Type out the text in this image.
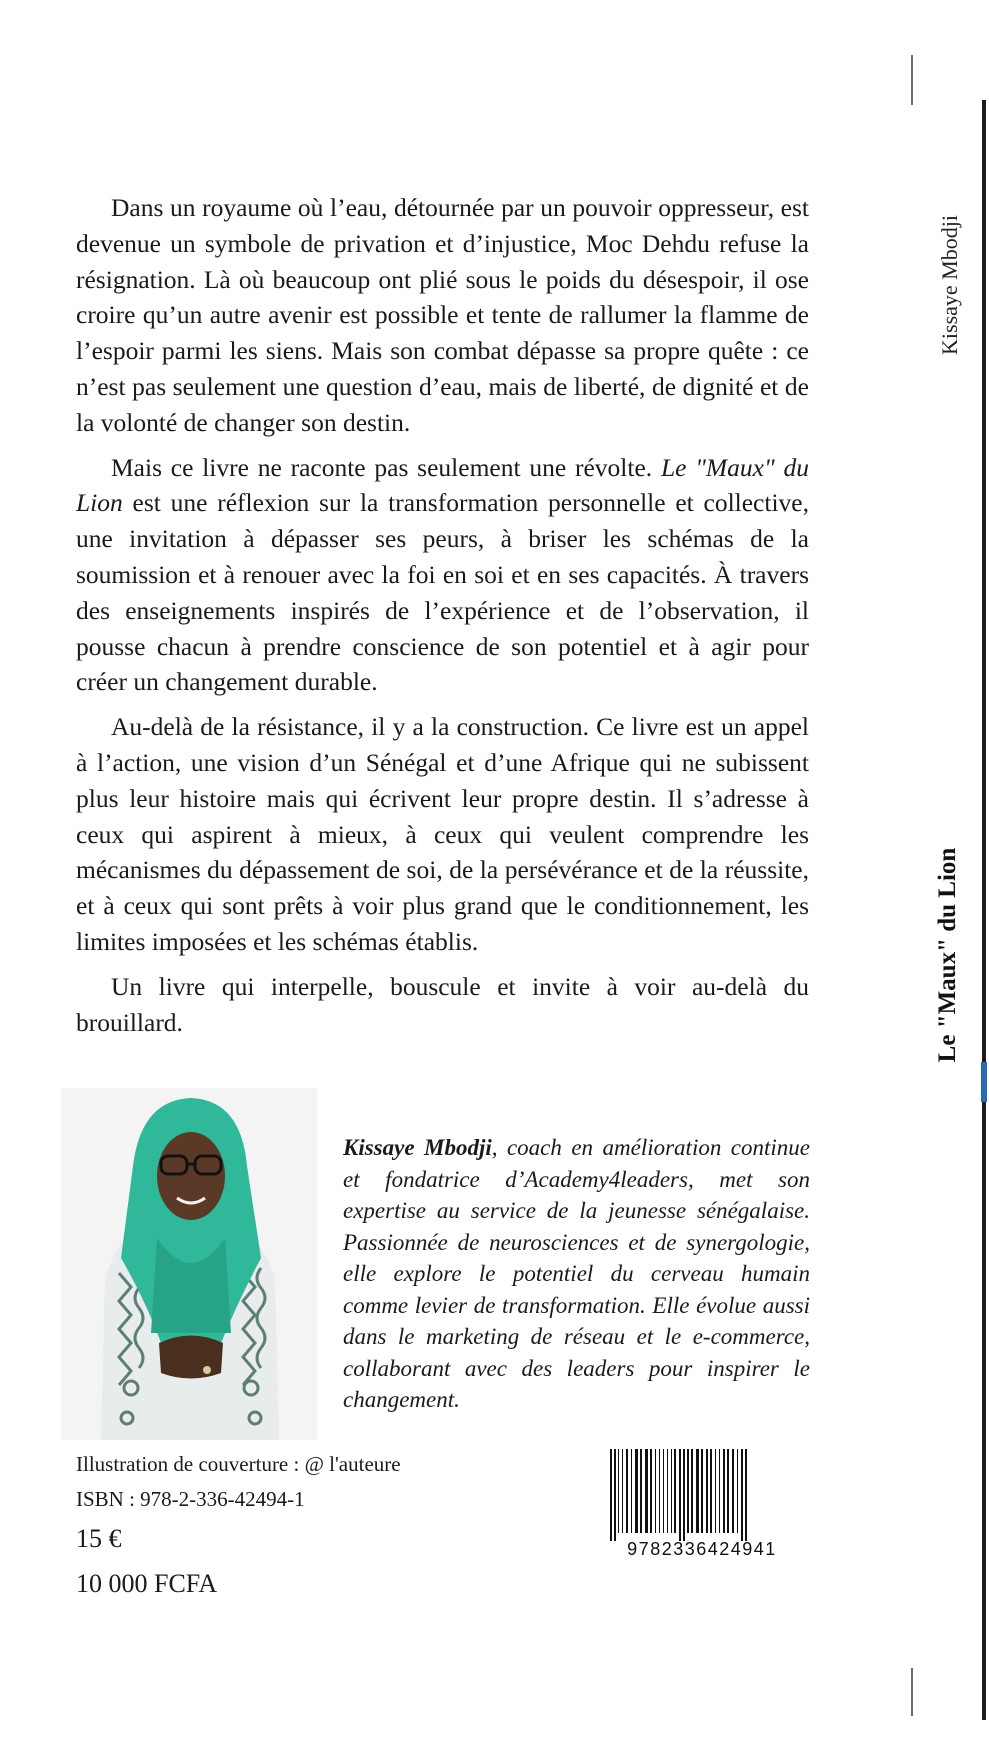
Kissaye Mbodji
Le "Maux" du Lion

Dans un royaume où l’eau, détournée par un pouvoir oppresseur, est devenue un symbole de privation et d’injustice, Moc Dehdu refuse la résignation. Là où beaucoup ont plié sous le poids du désespoir, il ose croire qu’un autre avenir est possible et tente de rallumer la flamme de l’espoir parmi les siens. Mais son combat dépasse sa propre quête : ce n’est pas seulement une question d’eau, mais de liberté, de dignité et de la volonté de changer son destin.

Mais ce livre ne raconte pas seulement une révolte. Le "Maux" du Lion est une réflexion sur la transformation personnelle et collective, une invitation à dépasser ses peurs, à briser les schémas de la soumission et à renouer avec la foi en soi et en ses capacités. À travers des enseignements inspirés de l’expérience et de l’observation, il pousse chacun à prendre conscience de son potentiel et à agir pour créer un changement durable.

Au-delà de la résistance, il y a la construction. Ce livre est un appel à l’action, une vision d’un Sénégal et d’une Afrique qui ne subissent plus leur histoire mais qui écrivent leur propre destin. Il s’adresse à ceux qui aspirent à mieux, à ceux qui veulent comprendre les mécanismes du dépassement de soi, de la persévérance et de la réussite, et à ceux qui sont prêts à voir plus grand que le conditionnement, les limites imposées et les schémas établis.

Un livre qui interpelle, bouscule et invite à voir au-delà du brouillard.

Kissaye Mbodji, coach en amélioration continue et fondatrice d’Academy4leaders, met son expertise au service de la jeunesse sénégalaise. Passionnée de neurosciences et de synergologie, elle explore le potentiel du cerveau humain comme levier de transformation. Elle évolue aussi dans le marketing de réseau et le e-commerce, collaborant avec des leaders pour inspirer le changement.
Illustration de couverture : @ l'auteure
ISBN : 978-2-336-42494-1
15 €
10 000 FCFA
9782336424941
